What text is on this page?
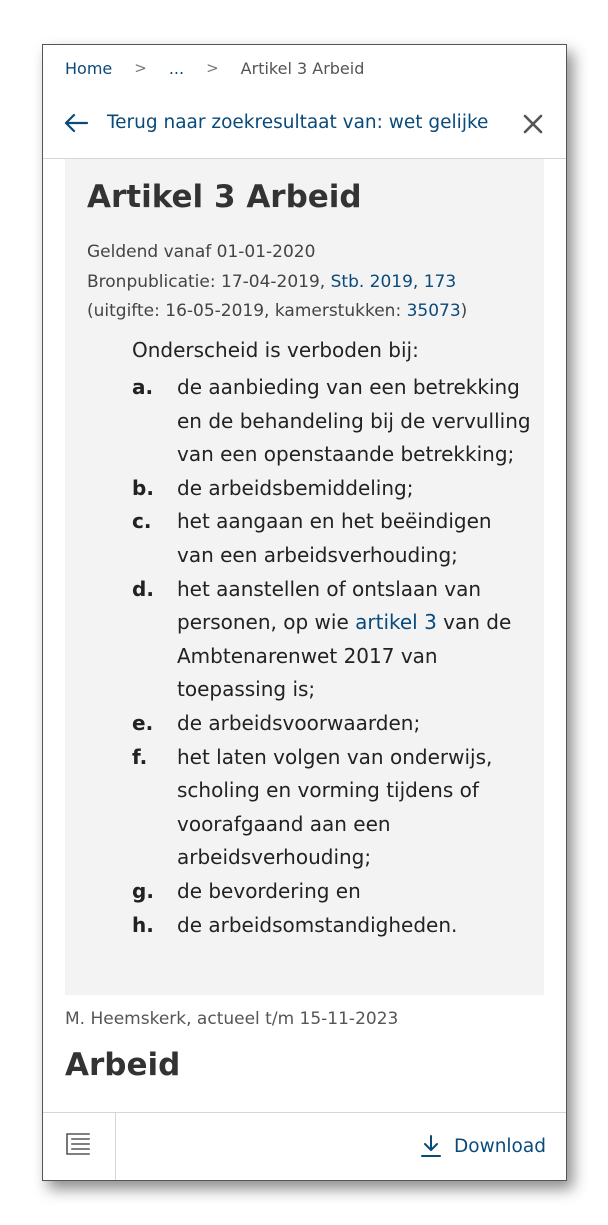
Home > ... > Artikel 3 Arbeid
Terug naar zoekresultaat van: wet gelijke
Artikel 3 Arbeid
Geldend vanaf 01-01-2020
Bronpublicatie: 17-04-2019, Stb. 2019, 173
(uitgifte: 16-05-2019, kamerstukken: 35073)
Onderscheid is verboden bij:
a. de aanbieding van een betrekking en de behandeling bij de vervulling van een openstaande betrekking;
b. de arbeidsbemiddeling;
c. het aangaan en het beëindigen van een arbeidsverhouding;
d. het aanstellen of ontslaan van personen, op wie artikel 3 van de Ambtenarenwet 2017 van toepassing is;
e. de arbeidsvoorwaarden;
f. het laten volgen van onderwijs, scholing en vorming tijdens of voorafgaand aan een arbeidsverhouding;
g. de bevordering en
h. de arbeidsomstandigheden.
M. Heemskerk, actueel t/m 15-11-2023
Arbeid
Download
